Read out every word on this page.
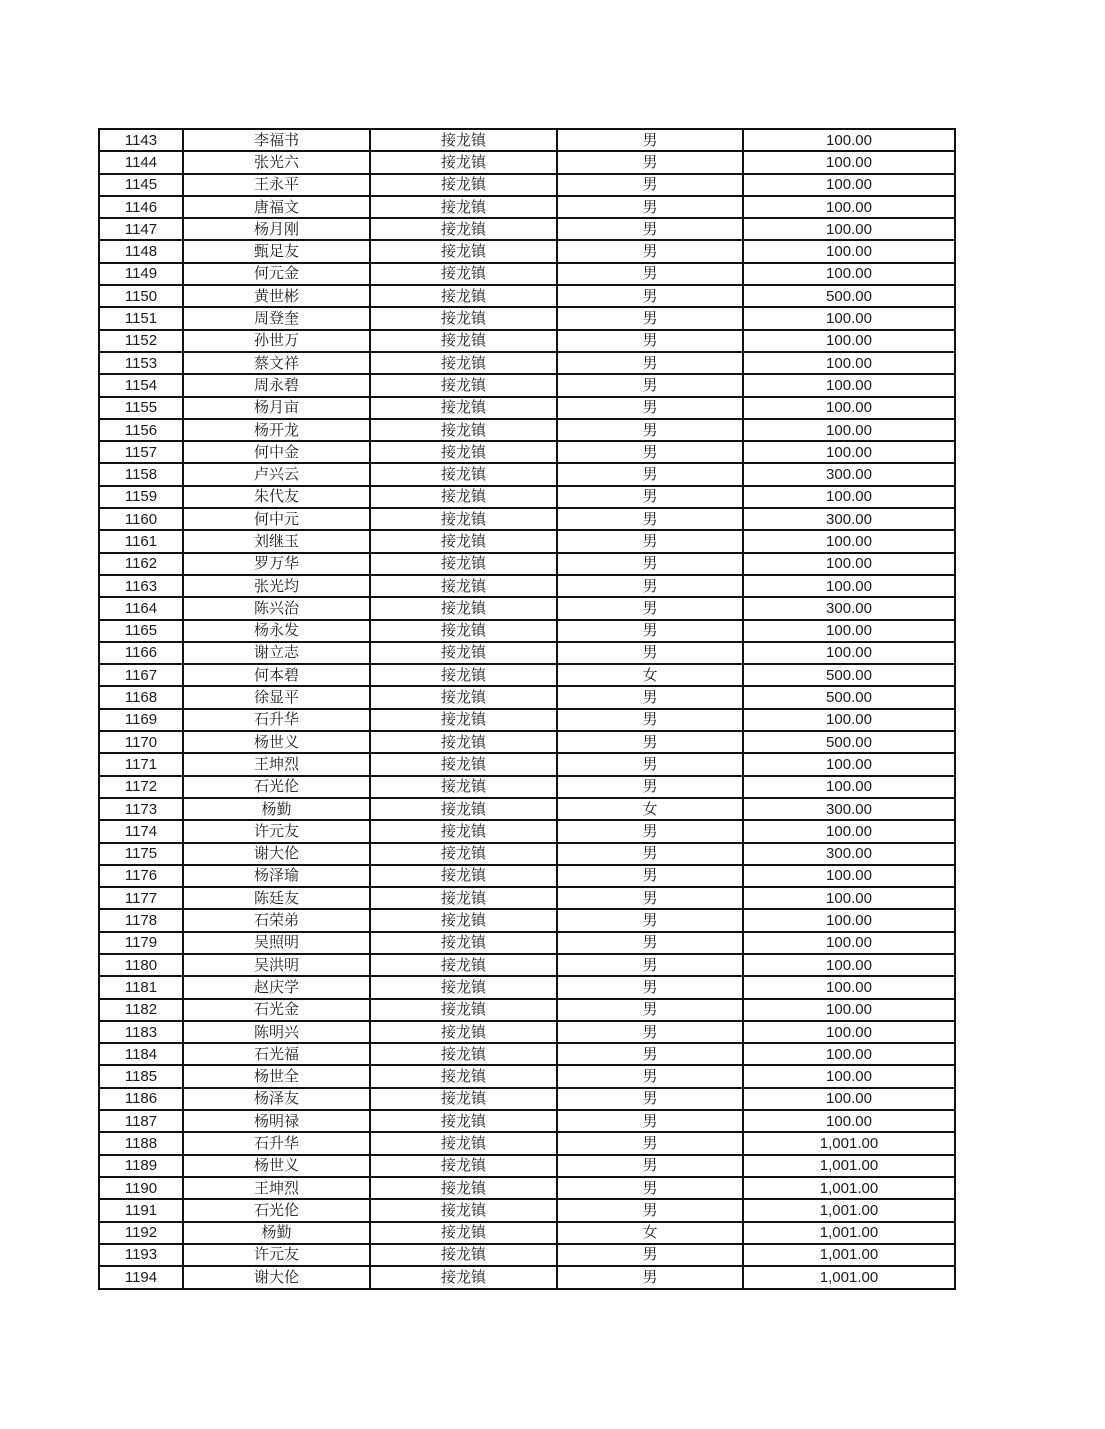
1143	李福书	接龙镇	男	100.00
1144	张光六	接龙镇	男	100.00
1145	王永平	接龙镇	男	100.00
1146	唐福文	接龙镇	男	100.00
1147	杨月刚	接龙镇	男	100.00
1148	甄足友	接龙镇	男	100.00
1149	何元金	接龙镇	男	100.00
1150	黄世彬	接龙镇	男	500.00
1151	周登奎	接龙镇	男	100.00
1152	孙世万	接龙镇	男	100.00
1153	蔡文祥	接龙镇	男	100.00
1154	周永碧	接龙镇	男	100.00
1155	杨月亩	接龙镇	男	100.00
1156	杨开龙	接龙镇	男	100.00
1157	何中金	接龙镇	男	100.00
1158	卢兴云	接龙镇	男	300.00
1159	朱代友	接龙镇	男	100.00
1160	何中元	接龙镇	男	300.00
1161	刘继玉	接龙镇	男	100.00
1162	罗万华	接龙镇	男	100.00
1163	张光均	接龙镇	男	100.00
1164	陈兴治	接龙镇	男	300.00
1165	杨永发	接龙镇	男	100.00
1166	谢立志	接龙镇	男	100.00
1167	何本碧	接龙镇	女	500.00
1168	徐显平	接龙镇	男	500.00
1169	石升华	接龙镇	男	100.00
1170	杨世义	接龙镇	男	500.00
1171	王坤烈	接龙镇	男	100.00
1172	石光伦	接龙镇	男	100.00
1173	杨勤	接龙镇	女	300.00
1174	许元友	接龙镇	男	100.00
1175	谢大伦	接龙镇	男	300.00
1176	杨泽瑜	接龙镇	男	100.00
1177	陈廷友	接龙镇	男	100.00
1178	石荣弟	接龙镇	男	100.00
1179	吴照明	接龙镇	男	100.00
1180	吴洪明	接龙镇	男	100.00
1181	赵庆学	接龙镇	男	100.00
1182	石光金	接龙镇	男	100.00
1183	陈明兴	接龙镇	男	100.00
1184	石光福	接龙镇	男	100.00
1185	杨世全	接龙镇	男	100.00
1186	杨泽友	接龙镇	男	100.00
1187	杨明禄	接龙镇	男	100.00
1188	石升华	接龙镇	男	1,001.00
1189	杨世义	接龙镇	男	1,001.00
1190	王坤烈	接龙镇	男	1,001.00
1191	石光伦	接龙镇	男	1,001.00
1192	杨勤	接龙镇	女	1,001.00
1193	许元友	接龙镇	男	1,001.00
1194	谢大伦	接龙镇	男	1,001.00
